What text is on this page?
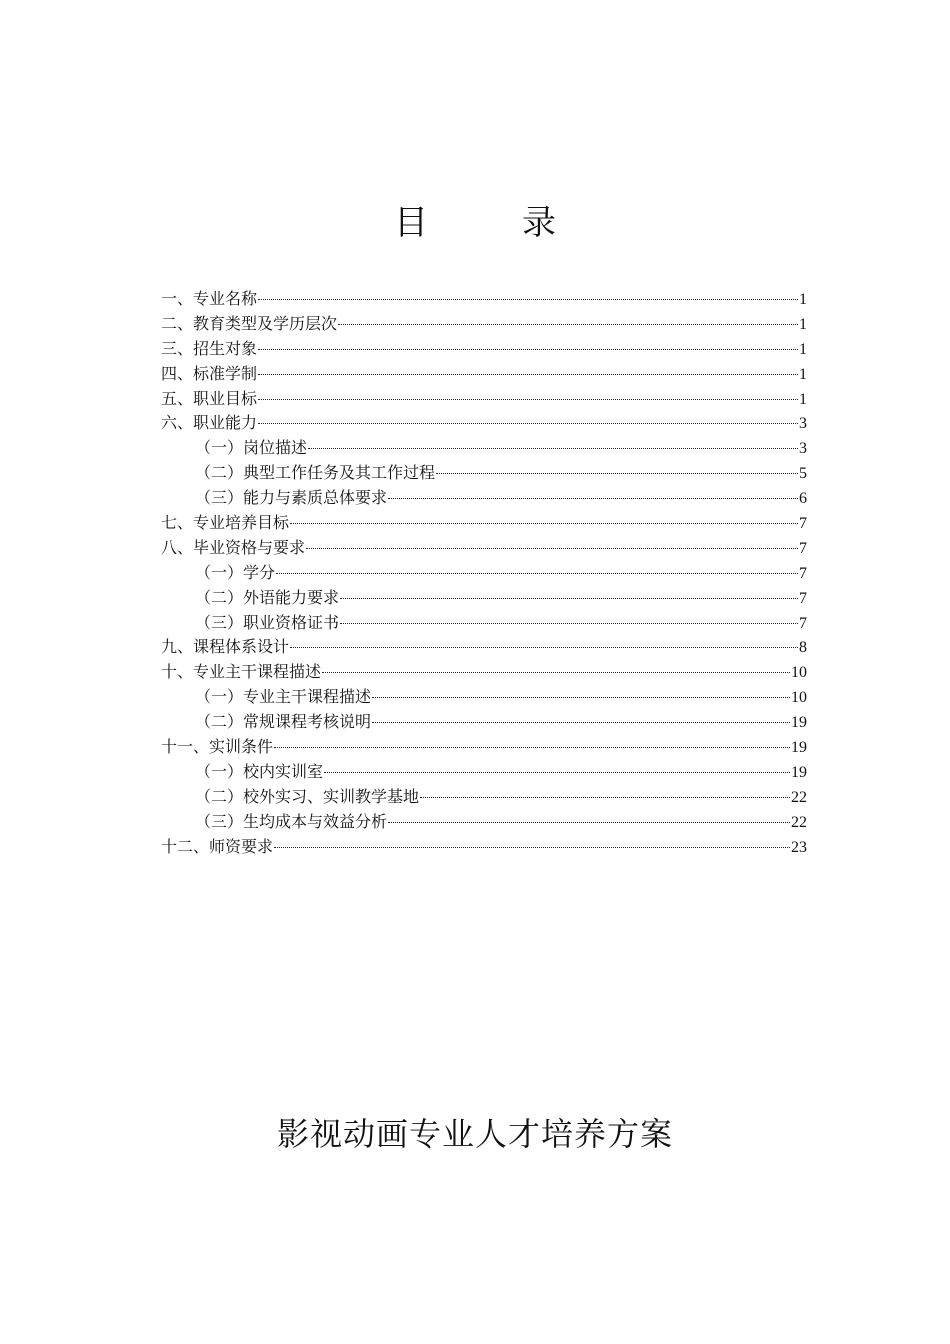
目　录
一、专业名称	1
二、教育类型及学历层次	1
三、招生对象	1
四、标准学制	1
五、职业目标	1
六、职业能力	3
（一）岗位描述	3
（二）典型工作任务及其工作过程	5
（三）能力与素质总体要求	6
七、专业培养目标	7
八、毕业资格与要求	7
（一）学分	7
（二）外语能力要求	7
（三）职业资格证书	7
九、课程体系设计	8
十、专业主干课程描述	10
（一）专业主干课程描述	10
（二）常规课程考核说明	19
十一、实训条件	19
（一）校内实训室	19
（二）校外实习、实训教学基地	22
（三）生均成本与效益分析	22
十二、师资要求	23
影视动画专业人才培养方案
